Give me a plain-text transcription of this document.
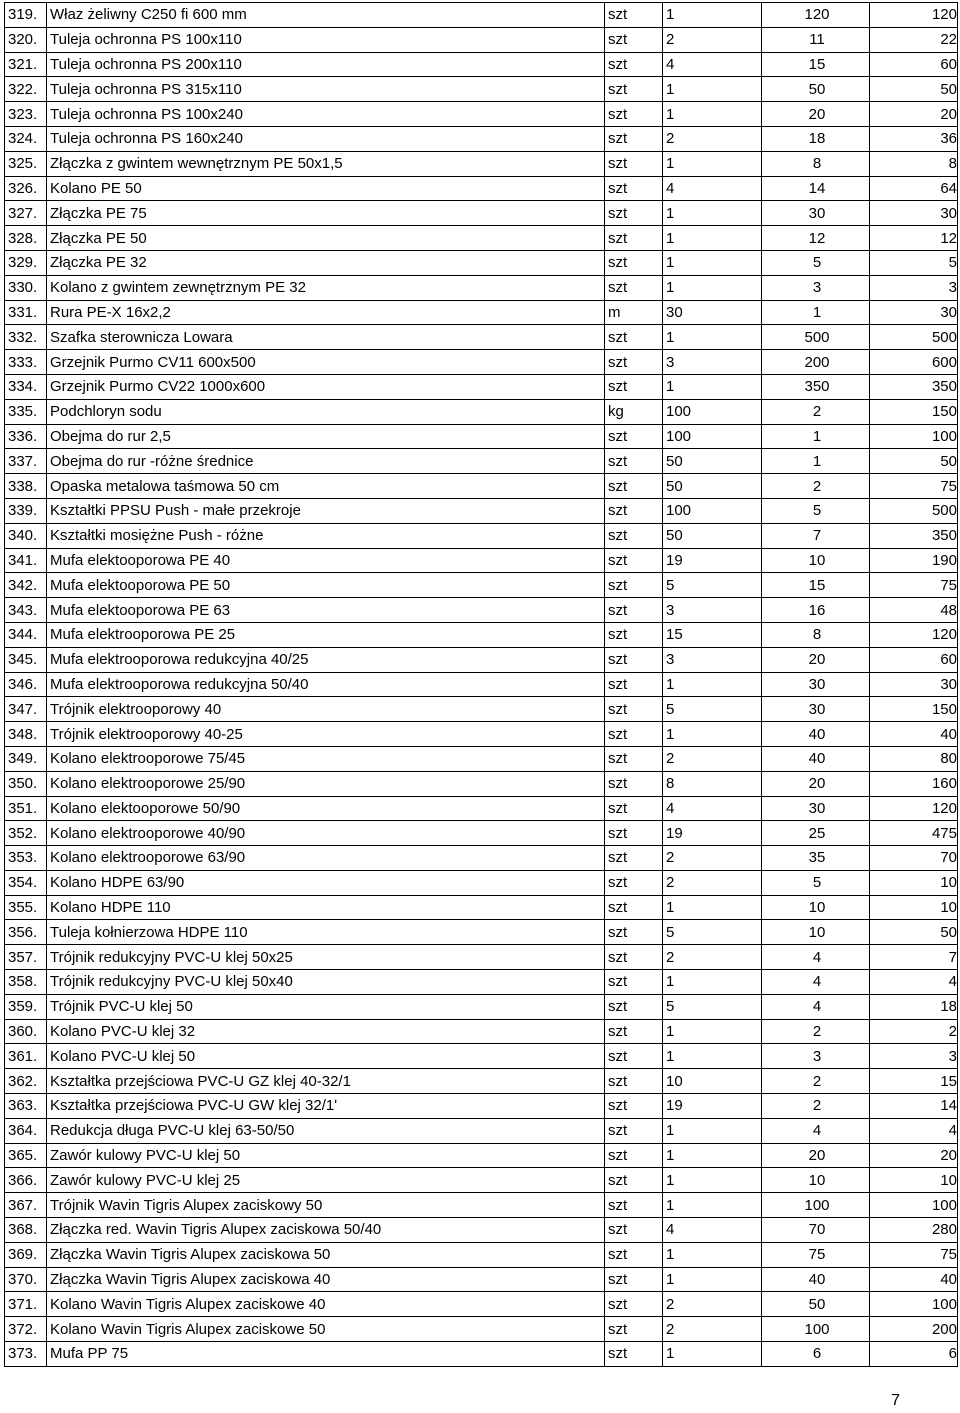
319.	Właz żeliwny C250 fi 600 mm	szt	1	120	120
320.	Tuleja ochronna PS 100x110	szt	2	11	22
321.	Tuleja ochronna PS 200x110	szt	4	15	60
322.	Tuleja ochronna PS 315x110	szt	1	50	50
323.	Tuleja ochronna PS 100x240	szt	1	20	20
324.	Tuleja ochronna PS 160x240	szt	2	18	36
325.	Złączka z gwintem wewnętrznym PE 50x1,5	szt	1	8	8
326.	Kolano PE 50	szt	4	14	64
327.	Złączka PE 75	szt	1	30	30
328.	Złączka PE 50	szt	1	12	12
329.	Złączka PE 32	szt	1	5	5
330.	Kolano z gwintem zewnętrznym PE 32	szt	1	3	3
331.	Rura PE-X 16x2,2	m	30	1	30
332.	Szafka sterownicza Lowara	szt	1	500	500
333.	Grzejnik Purmo CV11 600x500	szt	3	200	600
334.	Grzejnik Purmo CV22 1000x600	szt	1	350	350
335.	Podchloryn sodu	kg	100	2	150
336.	Obejma do rur 2,5	szt	100	1	100
337.	Obejma do rur -różne średnice	szt	50	1	50
338.	Opaska metalowa taśmowa 50 cm	szt	50	2	75
339.	Kształtki PPSU Push - małe przekroje	szt	100	5	500
340.	Kształtki mosiężne Push - różne	szt	50	7	350
341.	Mufa elektooporowa PE 40	szt	19	10	190
342.	Mufa elektooporowa PE 50	szt	5	15	75
343.	Mufa elektooporowa PE 63	szt	3	16	48
344.	Mufa elektrooporowa PE 25	szt	15	8	120
345.	Mufa elektrooporowa redukcyjna 40/25	szt	3	20	60
346.	Mufa elektrooporowa redukcyjna 50/40	szt	1	30	30
347.	Trójnik elektrooporowy 40	szt	5	30	150
348.	Trójnik elektrooporowy 40-25	szt	1	40	40
349.	Kolano elektrooporowe 75/45	szt	2	40	80
350.	Kolano elektrooporowe 25/90	szt	8	20	160
351.	Kolano elektooporowe 50/90	szt	4	30	120
352.	Kolano elektrooporowe 40/90	szt	19	25	475
353.	Kolano elektrooporowe 63/90	szt	2	35	70
354.	Kolano HDPE 63/90	szt	2	5	10
355.	Kolano HDPE 110	szt	1	10	10
356.	Tuleja kołnierzowa HDPE 110	szt	5	10	50
357.	Trójnik redukcyjny PVC-U klej 50x25	szt	2	4	7
358.	Trójnik redukcyjny PVC-U klej 50x40	szt	1	4	4
359.	Trójnik PVC-U klej 50	szt	5	4	18
360.	Kolano PVC-U klej 32	szt	1	2	2
361.	Kolano PVC-U klej 50	szt	1	3	3
362.	Kształtka przejściowa PVC-U GZ klej 40-32/1	szt	10	2	15
363.	Kształtka przejściowa PVC-U GW klej 32/1ʹ	szt	19	2	14
364.	Redukcja długa PVC-U klej 63-50/50	szt	1	4	4
365.	Zawór kulowy PVC-U klej 50	szt	1	20	20
366.	Zawór kulowy PVC-U klej 25	szt	1	10	10
367.	Trójnik Wavin Tigris Alupex zaciskowy 50	szt	1	100	100
368.	Złączka red. Wavin Tigris Alupex zaciskowa 50/40	szt	4	70	280
369.	Złączka Wavin Tigris Alupex zaciskowa 50	szt	1	75	75
370.	Złączka Wavin Tigris Alupex zaciskowa 40	szt	1	40	40
371.	Kolano Wavin Tigris Alupex zaciskowe 40	szt	2	50	100
372.	Kolano Wavin Tigris Alupex zaciskowe 50	szt	2	100	200
373.	Mufa PP 75	szt	1	6	6
7
